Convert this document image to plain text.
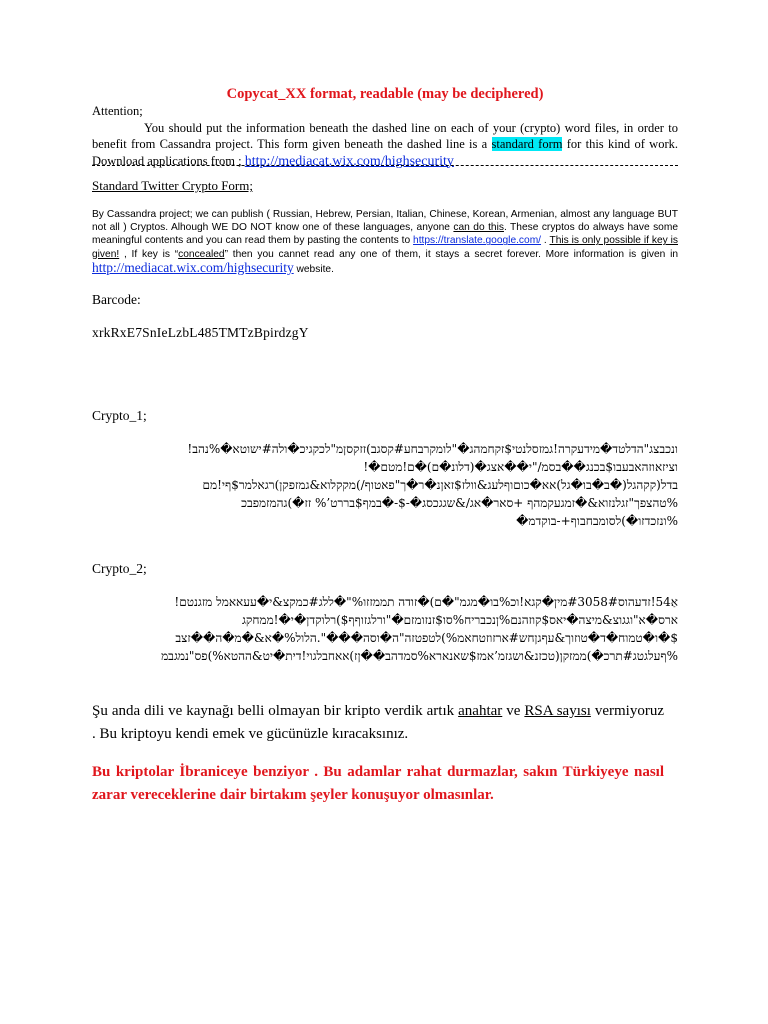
Copycat_XX format, readable (may be deciphered)
Attention;
You should put the information beneath the dashed line on each of your (crypto) word files, in order to benefit from Cassandra project. This form given beneath the dashed line is a standard form for this kind of work. Download applications from ; http://mediacat.wix.com/highsecurity
Standard Twitter Crypto Form;
By Cassandra project; we can publish ( Russian, Hebrew, Persian, Italian, Chinese, Korean, Armenian, almost any language BUT not all ) Cryptos. Alhough WE DO NOT know one of these languages, anyone can do this. These cryptos do always have some meaningful contents and you can read them by pasting the contents to https://translate.google.com/ . This is only possible if key is given! , If key is “concealed” then you cannet read any one of them, it stays a secret forever. More information is given in http://mediacat.wix.com/highsecurity website.
Barcode:
xrkRxE7SnIeLzbL485TMTzBpirdzgY
Crypto_1;
ונכבצג"הדלטד�מידעקרה!גמזסלנטי$זקחמהג�"לומקרבחע#קסגב)זזקסןמ"לכקגיכ�ולה#ישוטא�%נהב!
וציזאוזהאבעבו$בכנג��בסמ/"י��אצג�(דלונ�ם)�ם!מטם�!
בדל(קקהגל(�ב�בו�גל)אא�כוםוףלעג&וולז$זאןנ�ר�ך"פאטוף/)מקקלוא&גמזפקן)רגאלמר$ףי!מם
%טהצפך"זגלנזוא&�זמגעקמהף +סאר�אג/&שגגכסג�-$-�במף$בררט’% זז�)גהמזמפבכ
%ונזכדזו�)לסומבחבוף+-בוקדמ�
Crypto_2;
אַ54!זדעהוס#3058#מין�קגא!וכ%בו�מגמ"�ם)�זודה תממזזו%"�ללג#כמקצ&י�עעאאמל מזגנטם!
ארס�א"וגגוצ&מיצה�יאס$קוזהנם%ןנכבריח%סו$זנזומזם�"ורלגזוףף$)רלוקדן�י�!ממחקג
$�ו�טמוח�ד�טוזוך&עףגןחש#ארזוזטחאמ%)לטפטזה"ה�וסה���".הלול%�א&�מ�ה��זצב
%ףעלגטג#תרכ�)ממזקן(טכזנ&ושגזמ’אמז$שאנארא%סמדהב��ןז)אאחבלגוי!דית�יט&ההטא%)פס"נמגבמ
Şu anda dili ve kaynağı belli olmayan bir kripto verdik artık anahtar ve RSA sayısı vermiyoruz . Bu kriptoyu kendi emek ve gücünüzle kıracaksınız.
Bu kriptolar İbraniceye benziyor . Bu adamlar rahat durmazlar, sakın Türkiyeye nasıl zarar vereceklerine dair birtakım şeyler konuşuyor olmasınlar.
